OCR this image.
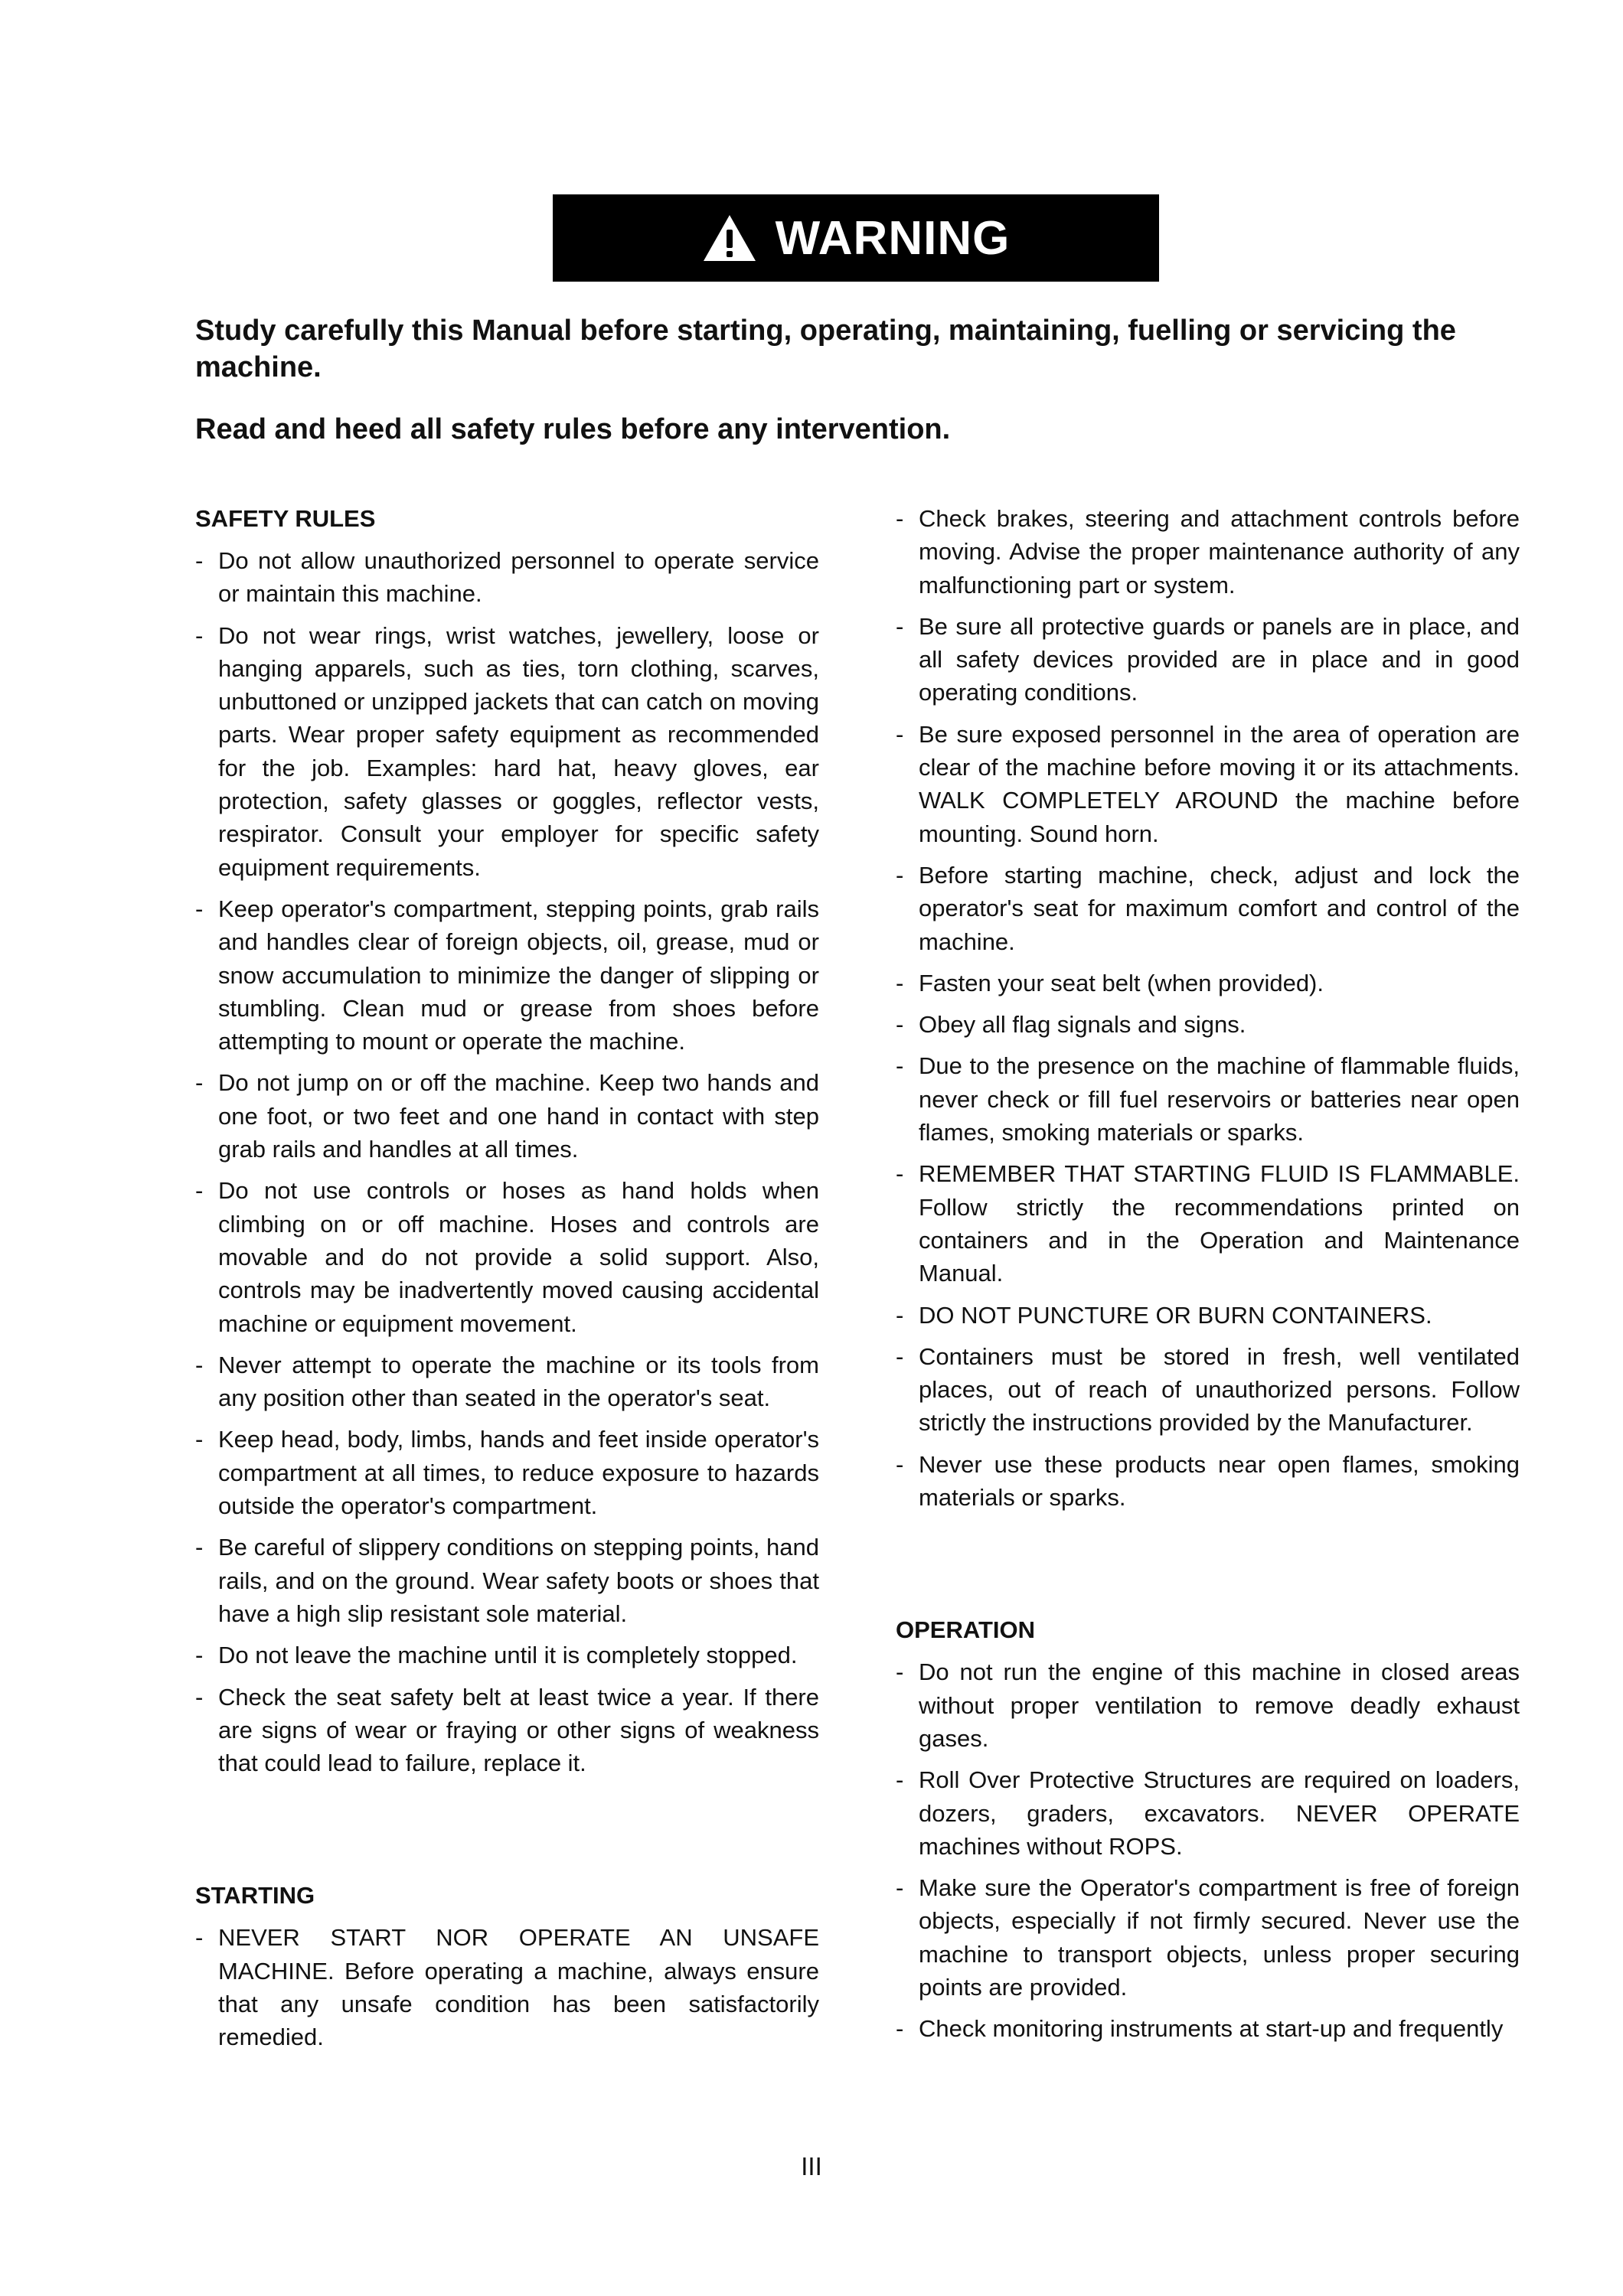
WARNING

Study carefully this Manual before starting, operating, maintaining, fuelling or servicing the machine.

Read and heed all safety rules before any intervention.

SAFETY RULES
- Do not allow unauthorized personnel to operate service or maintain this machine.
- Do not wear rings, wrist watches, jewellery, loose or hanging apparels, such as ties, torn clothing, scarves, unbuttoned or unzipped jackets that can catch on moving parts. Wear proper safety equipment as recommended for the job. Examples: hard hat, heavy gloves, ear protection, safety glasses or goggles, reflector vests, respirator. Consult your employer for specific safety equipment requirements.
- Keep operator's compartment, stepping points, grab rails and handles clear of foreign objects, oil, grease, mud or snow accumulation to minimize the danger of slipping or stumbling. Clean mud or grease from shoes before attempting to mount or operate the machine.
- Do not jump on or off the machine. Keep two hands and one foot, or two feet and one hand in contact with step grab rails and handles at all times.
- Do not use controls or hoses as hand holds when climbing on or off machine. Hoses and controls are movable and do not provide a solid support. Also, controls may be inadvertently moved causing accidental machine or equipment movement.
- Never attempt to operate the machine or its tools from any position other than seated in the operator's seat.
- Keep head, body, limbs, hands and feet inside operator's compartment at all times, to reduce exposure to hazards outside the operator's compartment.
- Be careful of slippery conditions on stepping points, hand rails, and on the ground. Wear safety boots or shoes that have a high slip resistant sole material.
- Do not leave the machine until it is completely stopped.
- Check the seat safety belt at least twice a year. If there are signs of wear or fraying or other signs of weakness that could lead to failure, replace it.
STARTING
- NEVER START NOR OPERATE AN UNSAFE MACHINE. Before operating a machine, always ensure that any unsafe condition has been satisfactorily remedied.
- Check brakes, steering and attachment controls before moving. Advise the proper maintenance authority of any malfunctioning part or system.
- Be sure all protective guards or panels are in place, and all safety devices provided are in place and in good operating conditions.
- Be sure exposed personnel in the area of operation are clear of the machine before moving it or its attachments. WALK COMPLETELY AROUND the machine before mounting. Sound horn.
- Before starting machine, check, adjust and lock the operator's seat for maximum comfort and control of the machine.
- Fasten your seat belt (when provided).
- Obey all flag signals and signs.
- Due to the presence on the machine of flammable fluids, never check or fill fuel reservoirs or batteries near open flames, smoking materials or sparks.
- REMEMBER THAT STARTING FLUID IS FLAMMABLE. Follow strictly the recommendations printed on containers and in the Operation and Maintenance Manual.
- DO NOT PUNCTURE OR BURN CONTAINERS.
- Containers must be stored in fresh, well ventilated places, out of reach of unauthorized persons. Follow strictly the instructions provided by the Manufacturer.
- Never use these products near open flames, smoking materials or sparks.
OPERATION
- Do not run the engine of this machine in closed areas without proper ventilation to remove deadly exhaust gases.
- Roll Over Protective Structures are required on loaders, dozers, graders, excavators. NEVER OPERATE machines without ROPS.
- Make sure the Operator's compartment is free of foreign objects, especially if not firmly secured. Never use the machine to transport objects, unless proper securing points are provided.
- Check monitoring instruments at start-up and frequently
III
